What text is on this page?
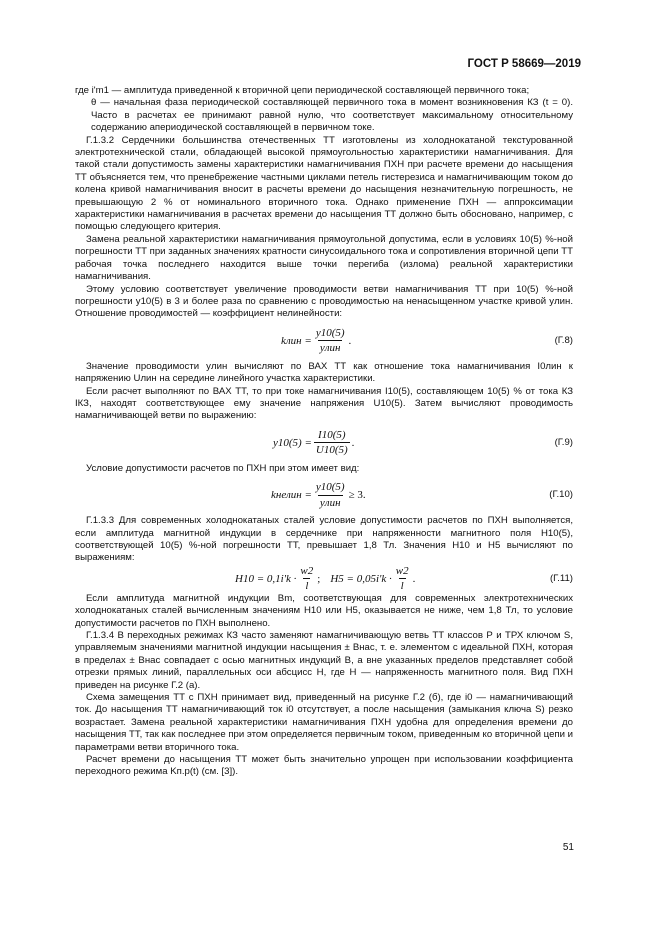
ГОСТ Р 58669—2019

где i'm1 — амплитуда приведенной к вторичной цепи периодической составляющей первичного тока;

θ — начальная фаза периодической составляющей первичного тока в момент возникновения КЗ (t = 0). Часто в расчетах ее принимают равной нулю, что соответствует максимальному относительному содержанию апериодической составляющей в первичном токе.

Г.1.3.2 Сердечники большинства отечественных ТТ изготовлены из холоднокатаной текстурованной электротехнической стали, обладающей высокой прямоугольностью характеристики намагничивания. Для такой стали допустимость замены характеристики намагничивания ПХН при расчете времени до насыщения ТТ объясняется тем, что пренебрежение частными циклами петель гистерезиса и намагничивающим током до колена кривой намагничивания вносит в расчеты времени до насыщения незначительную погрешность, не превышающую 2 % от номинального вторичного тока. Однако применение ПХН — аппроксимации характеристики намагничивания в расчетах времени до насыщения ТТ должно быть обосновано, например, с помощью следующего критерия.

Замена реальной характеристики намагничивания прямоугольной допустима, если в условиях 10(5) %-ной погрешности ТТ при заданных значениях кратности синусоидального тока и сопротивления вторичной цепи ТТ рабочая точка последнего находится выше точки перегиба (излома) реальной характеристики намагничивания.

Этому условию соответствует увеличение проводимости ветви намагничивания ТТ при 10(5) %-ной погрешности y10(5) в 3 и более раза по сравнению с проводимостью на ненасыщенном участке кривой yлин. Отношение проводимостей — коэффициент нелинейности:

kлин = $\frac{y10(5)}{\text{yлин}}$ .	(Г.8)

Значение проводимости yлин вычисляют по ВАХ ТТ как отношение тока намагничивания I0лин к напряжению Uлин на середине линейного участка характеристики.

Если расчет выполняют по ВАХ ТТ, то при токе намагничивания I10(5), составляющем 10(5) % от тока КЗ IКЗ, находят соответствующее ему значение напряжения U10(5). Затем вычисляют проводимость намагничивающей ветви по выражению:

$y10(5) = \frac{I10(5)}{U10(5)}$ .	(Г.9)

Условие допустимости расчетов по ПХН при этом имеет вид:

kнелин = $\frac{y10(5)}{\text{yлин}} \ge 3$.	(Г.10)

Г.1.3.3 Для современных холоднокатаных сталей условие допустимости расчетов по ПХН выполняется, если амплитуда магнитной индукции в сердечнике при напряженности магнитного поля H10(5), соответствующей 10(5) %-ной погрешности ТТ, превышает 1,8 Тл. Значения H10 и H5 вычисляют по выражениям:

$H10 = 0,1i'k \cdot \frac{w2}{l}$ ; $H5 = 0,05i'k \cdot \frac{w2}{l}$ .	(Г.11)

Если амплитуда магнитной индукции Bm, соответствующая для современных электротехнических холоднокатаных сталей вычисленным значениям H10 или H5, оказывается не ниже, чем 1,8 Тл, то условие допустимости расчетов по ПХН выполнено.

Г.1.3.4 В переходных режимах КЗ часто заменяют намагничивающую ветвь ТТ классов Р и ТРХ ключом S, управляемым значениями магнитной индукции насыщения ± Bнас, т. е. элементом с идеальной ПХН, которая в пределах ± Bнас совпадает с осью магнитных индукций B, а вне указанных пределов представляет собой отрезки прямых линий, параллельных оси абсцисс H, где H — напряженность магнитного поля. Вид ПХН приведен на рисунке Г.2 (а).

Схема замещения ТТ с ПХН принимает вид, приведенный на рисунке Г.2 (б), где i0 — намагничивающий ток. До насыщения ТТ намагничивающий ток i0 отсутствует, а после насыщения (замыкания ключа S) резко возрастает. Замена реальной характеристики намагничивания ПХН удобна для определения времени до насыщения ТТ, так как последнее при этом определяется первичным током, приведенным ко вторичной цепи и параметрами ветви вторичного тока.

Расчет времени до насыщения ТТ может быть значительно упрощен при использовании коэффициента переходного режима Kп.р(t) (см. [3]).

51
